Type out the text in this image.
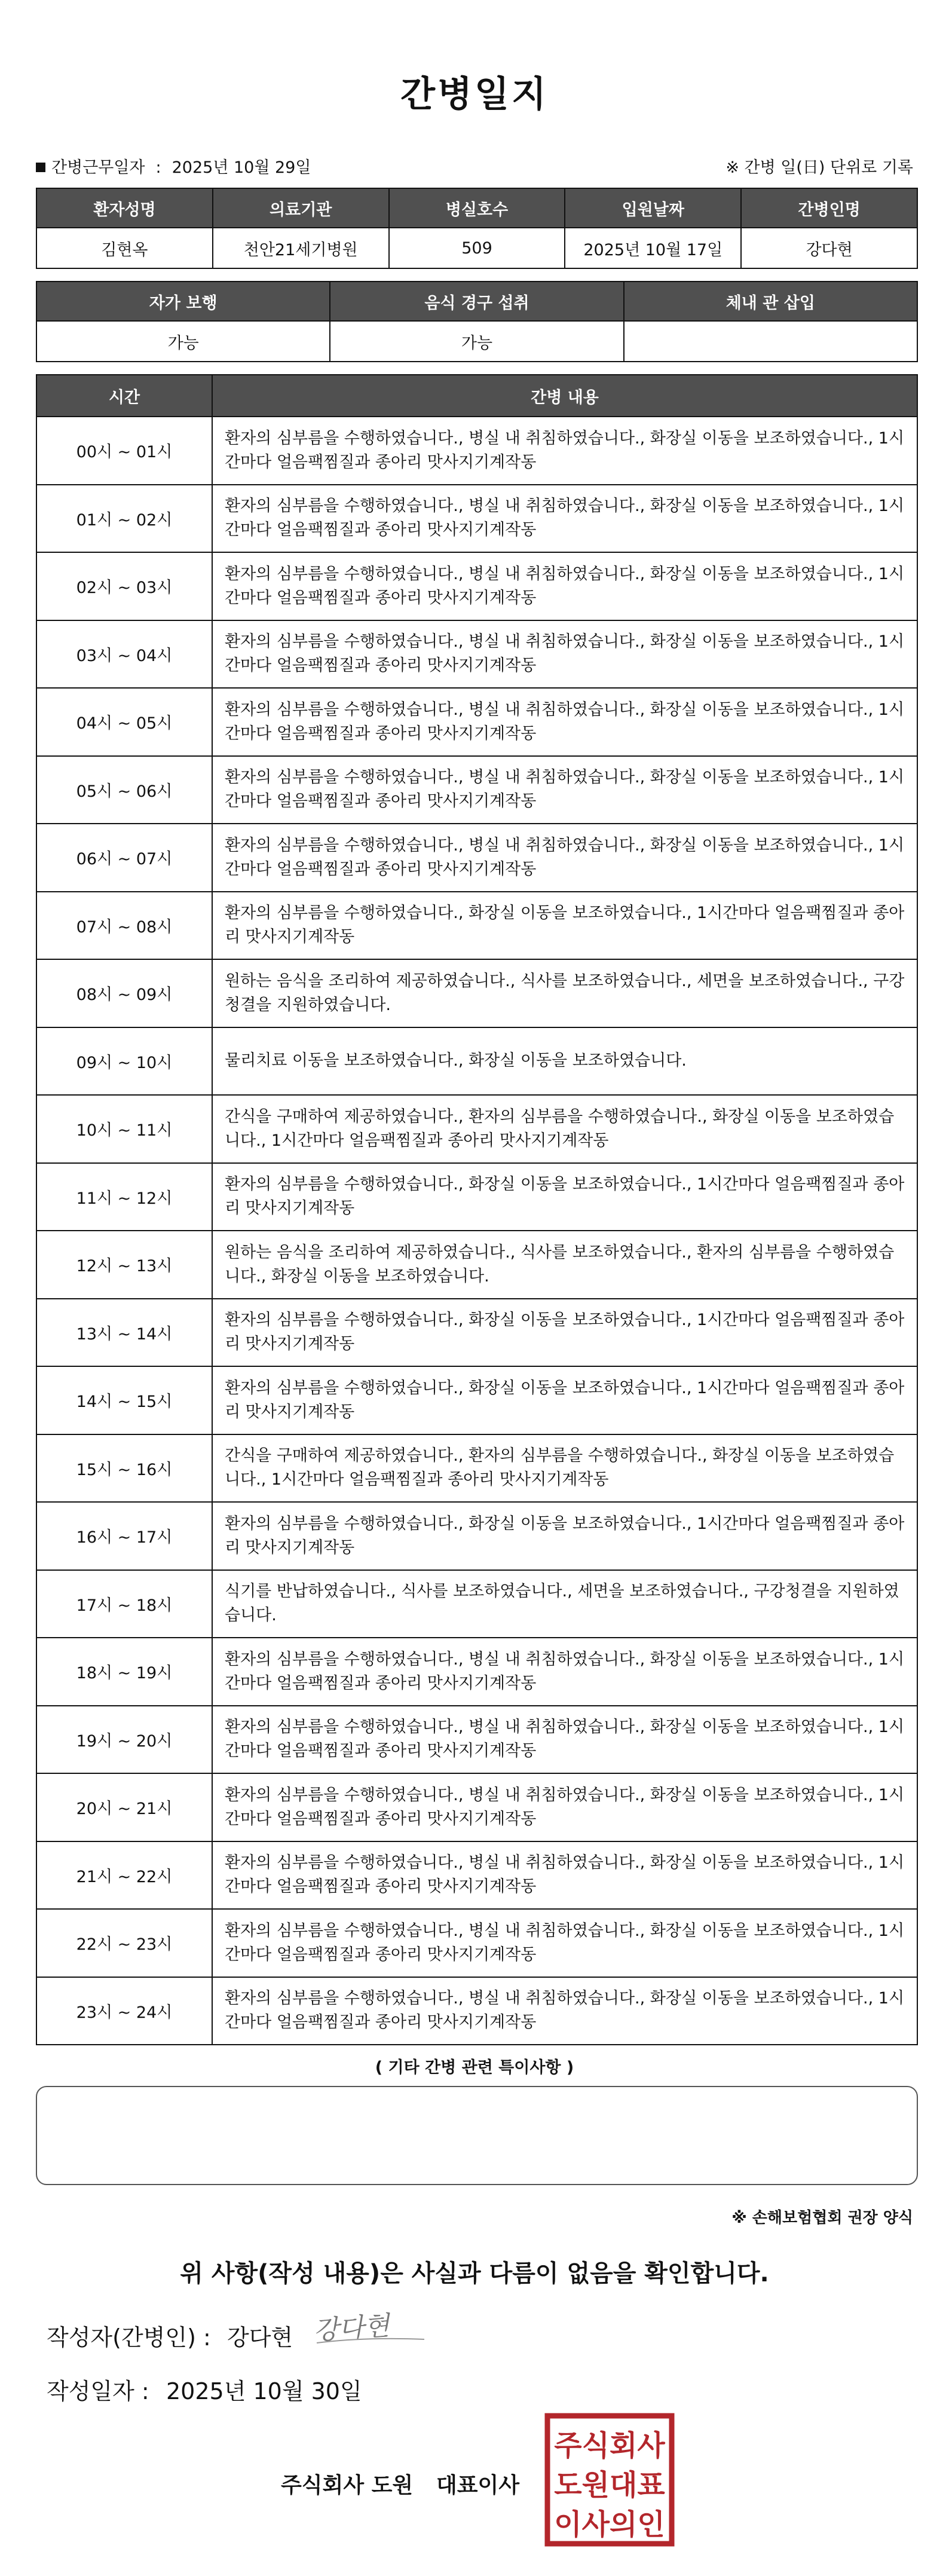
간병일지
간병근무일자 : 2025년 10월 29일	※ 간병 일(日) 단위로 기록
환자성명	의료기관	병실호수	입원날짜	간병인명
김현옥	천안21세기병원	509	2025년 10월 17일	강다현
자가 보행	음식 경구 섭취	체내 관 삽입
가능	가능	
시간	간병 내용
00시 ~ 01시	환자의 심부름을 수행하였습니다., 병실 내 취침하였습니다., 화장실 이동을 보조하였습니다., 1시간마다 얼음팩찜질과 종아리 맛사지기계작동
01시 ~ 02시	환자의 심부름을 수행하였습니다., 병실 내 취침하였습니다., 화장실 이동을 보조하였습니다., 1시간마다 얼음팩찜질과 종아리 맛사지기계작동
02시 ~ 03시	환자의 심부름을 수행하였습니다., 병실 내 취침하였습니다., 화장실 이동을 보조하였습니다., 1시간마다 얼음팩찜질과 종아리 맛사지기계작동
03시 ~ 04시	환자의 심부름을 수행하였습니다., 병실 내 취침하였습니다., 화장실 이동을 보조하였습니다., 1시간마다 얼음팩찜질과 종아리 맛사지기계작동
04시 ~ 05시	환자의 심부름을 수행하였습니다., 병실 내 취침하였습니다., 화장실 이동을 보조하였습니다., 1시간마다 얼음팩찜질과 종아리 맛사지기계작동
05시 ~ 06시	환자의 심부름을 수행하였습니다., 병실 내 취침하였습니다., 화장실 이동을 보조하였습니다., 1시간마다 얼음팩찜질과 종아리 맛사지기계작동
06시 ~ 07시	환자의 심부름을 수행하였습니다., 병실 내 취침하였습니다., 화장실 이동을 보조하였습니다., 1시간마다 얼음팩찜질과 종아리 맛사지기계작동
07시 ~ 08시	환자의 심부름을 수행하였습니다., 화장실 이동을 보조하였습니다., 1시간마다 얼음팩찜질과 종아리 맛사지기계작동
08시 ~ 09시	원하는 음식을 조리하여 제공하였습니다., 식사를 보조하였습니다., 세면을 보조하였습니다., 구강청결을 지원하였습니다.
09시 ~ 10시	물리치료 이동을 보조하였습니다., 화장실 이동을 보조하였습니다.
10시 ~ 11시	간식을 구매하여 제공하였습니다., 환자의 심부름을 수행하였습니다., 화장실 이동을 보조하였습니다., 1시간마다 얼음팩찜질과 종아리 맛사지기계작동
11시 ~ 12시	환자의 심부름을 수행하였습니다., 화장실 이동을 보조하였습니다., 1시간마다 얼음팩찜질과 종아리 맛사지기계작동
12시 ~ 13시	원하는 음식을 조리하여 제공하였습니다., 식사를 보조하였습니다., 환자의 심부름을 수행하였습니다., 화장실 이동을 보조하였습니다.
13시 ~ 14시	환자의 심부름을 수행하였습니다., 화장실 이동을 보조하였습니다., 1시간마다 얼음팩찜질과 종아리 맛사지기계작동
14시 ~ 15시	환자의 심부름을 수행하였습니다., 화장실 이동을 보조하였습니다., 1시간마다 얼음팩찜질과 종아리 맛사지기계작동
15시 ~ 16시	간식을 구매하여 제공하였습니다., 환자의 심부름을 수행하였습니다., 화장실 이동을 보조하였습니다., 1시간마다 얼음팩찜질과 종아리 맛사지기계작동
16시 ~ 17시	환자의 심부름을 수행하였습니다., 화장실 이동을 보조하였습니다., 1시간마다 얼음팩찜질과 종아리 맛사지기계작동
17시 ~ 18시	식기를 반납하였습니다., 식사를 보조하였습니다., 세면을 보조하였습니다., 구강청결을 지원하였습니다.
18시 ~ 19시	환자의 심부름을 수행하였습니다., 병실 내 취침하였습니다., 화장실 이동을 보조하였습니다., 1시간마다 얼음팩찜질과 종아리 맛사지기계작동
19시 ~ 20시	환자의 심부름을 수행하였습니다., 병실 내 취침하였습니다., 화장실 이동을 보조하였습니다., 1시간마다 얼음팩찜질과 종아리 맛사지기계작동
20시 ~ 21시	환자의 심부름을 수행하였습니다., 병실 내 취침하였습니다., 화장실 이동을 보조하였습니다., 1시간마다 얼음팩찜질과 종아리 맛사지기계작동
21시 ~ 22시	환자의 심부름을 수행하였습니다., 병실 내 취침하였습니다., 화장실 이동을 보조하였습니다., 1시간마다 얼음팩찜질과 종아리 맛사지기계작동
22시 ~ 23시	환자의 심부름을 수행하였습니다., 병실 내 취침하였습니다., 화장실 이동을 보조하였습니다., 1시간마다 얼음팩찜질과 종아리 맛사지기계작동
23시 ~ 24시	환자의 심부름을 수행하였습니다., 병실 내 취침하였습니다., 화장실 이동을 보조하였습니다., 1시간마다 얼음팩찜질과 종아리 맛사지기계작동
( 기타 간병 관련 특이사항 )
※ 손해보험협회 권장 양식
위 사항(작성 내용)은 사실과 다름이 없음을 확인합니다.
작성자(간병인) : 강다현 강다현
작성일자 : 2025년 10월 30일
주식회사 도원 대표이사
주식회사
도원대표
이사의인
